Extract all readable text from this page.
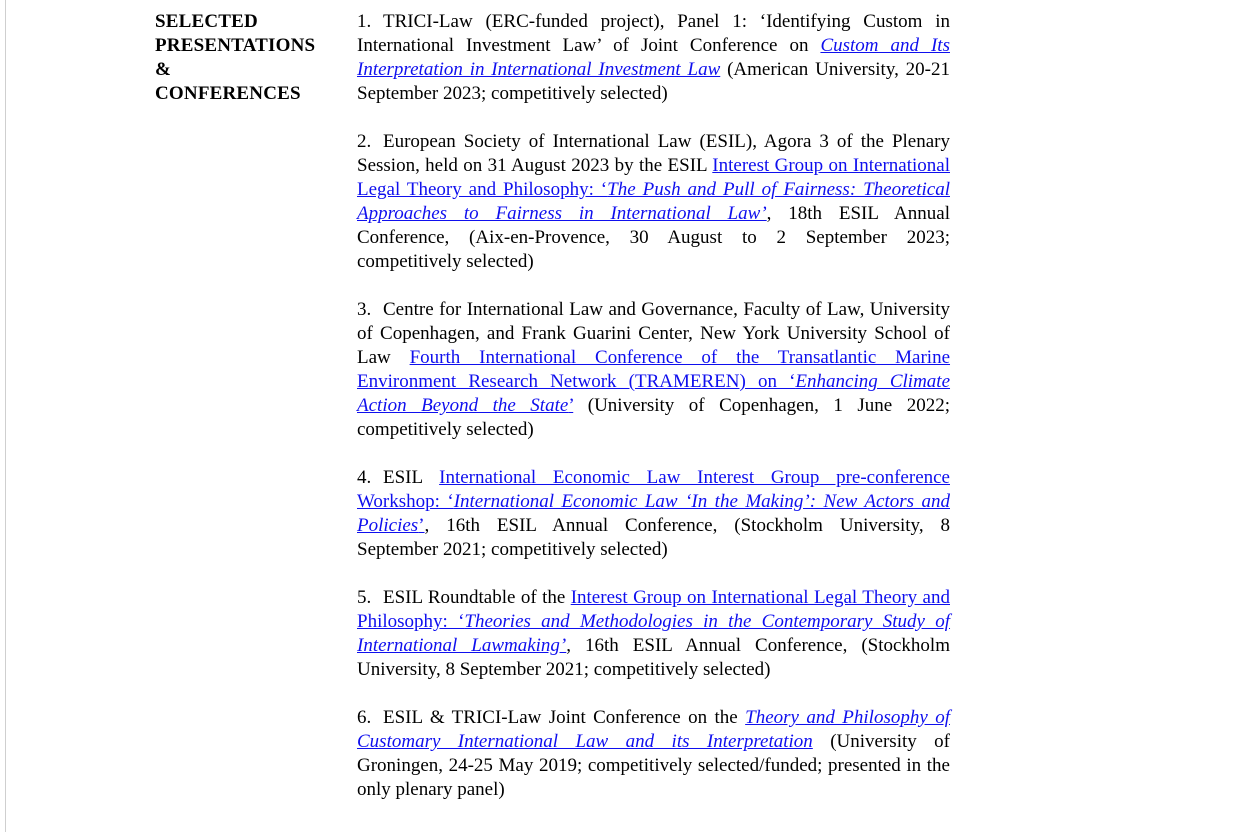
SELECTED
PRESENTATIONS
&
CONFERENCES

1. TRICI-Law (ERC-funded project), Panel 1: ‘Identifying Custom in International Investment Law’ of Joint Conference on Custom and Its Interpretation in International Investment Law (American University, 20-21 September 2023; competitively selected)

2. European Society of International Law (ESIL), Agora 3 of the Plenary Session, held on 31 August 2023 by the ESIL Interest Group on International Legal Theory and Philosophy: ‘The Push and Pull of Fairness: Theoretical Approaches to Fairness in International Law’, 18th ESIL Annual Conference, (Aix-en-Provence, 30 August to 2 September 2023; competitively selected)

3. Centre for International Law and Governance, Faculty of Law, University of Copenhagen, and Frank Guarini Center, New York University School of Law Fourth International Conference of the Transatlantic Marine Environment Research Network (TRAMEREN) on ‘Enhancing Climate Action Beyond the State’ (University of Copenhagen, 1 June 2022; competitively selected)

4. ESIL International Economic Law Interest Group pre-conference Workshop: ‘International Economic Law ‘In the Making’: New Actors and Policies’, 16th ESIL Annual Conference, (Stockholm University, 8 September 2021; competitively selected)

5. ESIL Roundtable of the Interest Group on International Legal Theory and Philosophy: ‘Theories and Methodologies in the Contemporary Study of International Lawmaking’, 16th ESIL Annual Conference, (Stockholm University, 8 September 2021; competitively selected)

6. ESIL & TRICI-Law Joint Conference on the Theory and Philosophy of Customary International Law and its Interpretation (University of Groningen, 24-25 May 2019; competitively selected/funded; presented in the only plenary panel)
